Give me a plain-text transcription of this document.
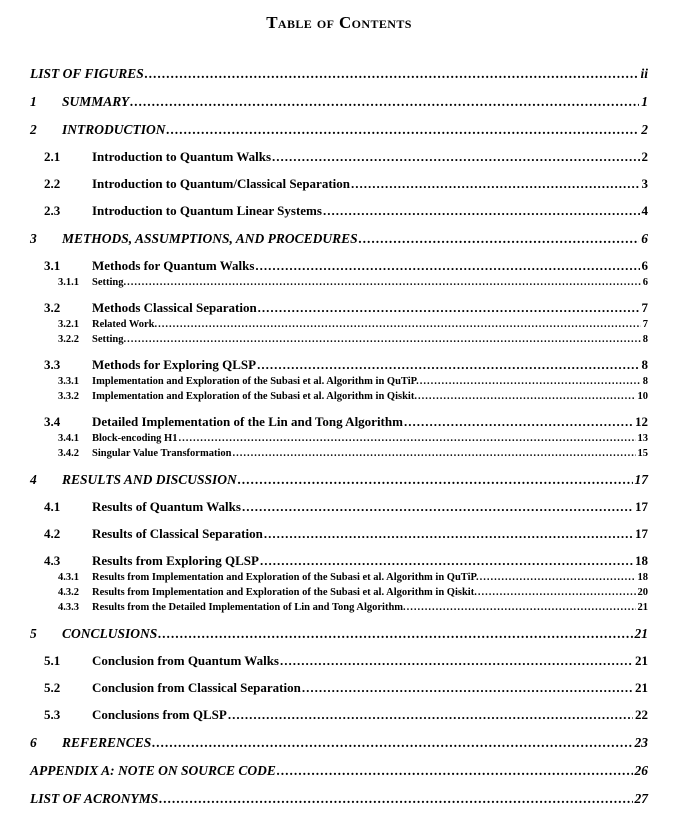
Table of Contents
LIST OF FIGURES .....	ii
1	SUMMARY .....	1
2	INTRODUCTION .....	2
2.1	Introduction to Quantum Walks .....	2
2.2	Introduction to Quantum/Classical Separation .....	3
2.3	Introduction to Quantum Linear Systems .....	4
3	METHODS, ASSUMPTIONS, AND PROCEDURES .....	6
3.1	Methods for Quantum Walks .....	6
3.1.1	Setting. .....	6
3.2	Methods Classical Separation .....	7
3.2.1	Related Work. .....	7
3.2.2	Setting. .....	8
3.3	Methods for Exploring QLSP .....	8
3.3.1	Implementation and Exploration of the Subasi et al. Algorithm in QuTiP. .....	8
3.3.2	Implementation and Exploration of the Subasi et al. Algorithm in Qiskit. .....	10
3.4	Detailed Implementation of the Lin and Tong Algorithm .....	12
3.4.1	Block-encoding H1 .....	13
3.4.2	Singular Value Transformation .....	15
4	RESULTS AND DISCUSSION .....	17
4.1	Results of Quantum Walks .....	17
4.2	Results of Classical Separation .....	17
4.3	Results from Exploring QLSP .....	18
4.3.1	Results from Implementation and Exploration of the Subasi et al. Algorithm in QuTiP. .....	18
4.3.2	Results from Implementation and Exploration of the Subasi et al. Algorithm in Qiskit. .....	20
4.3.3	Results from the Detailed Implementation of Lin and Tong Algorithm. .....	21
5	CONCLUSIONS .....	21
5.1	Conclusion from Quantum Walks .....	21
5.2	Conclusion from Classical Separation .....	21
5.3	Conclusions from QLSP .....	22
6	REFERENCES .....	23
APPENDIX A: NOTE ON SOURCE CODE .....	26
LIST OF ACRONYMS .....	27
